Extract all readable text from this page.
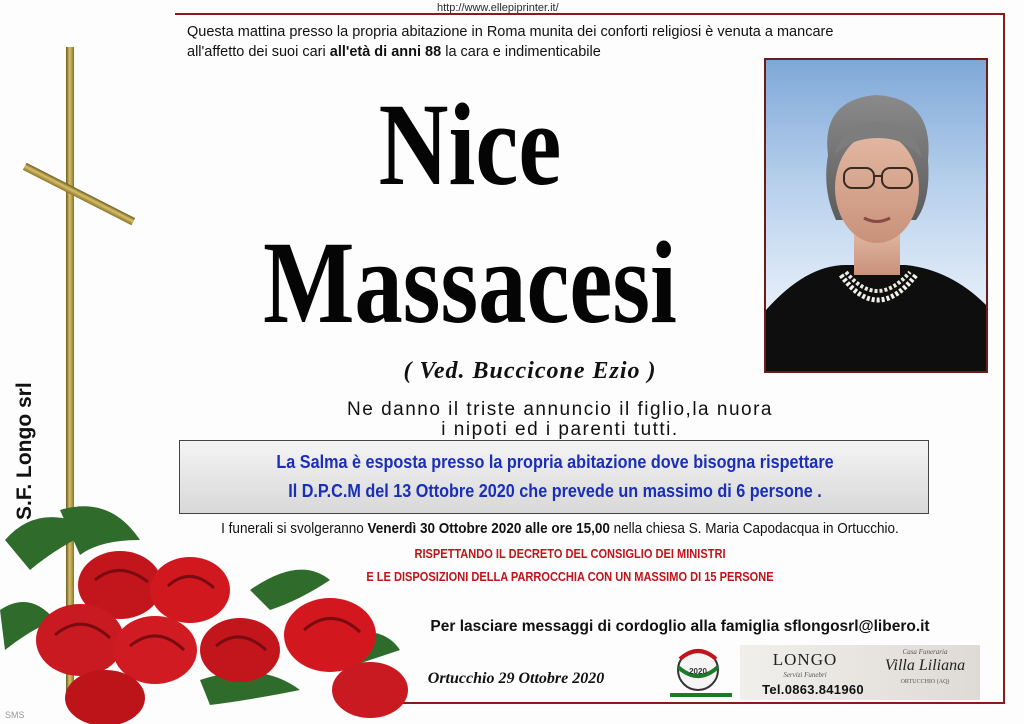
http://www.ellepiprinter.it/
Questa mattina presso la propria abitazione in Roma munita dei conforti religiosi è venuta a mancare
all'affetto dei suoi cari all'età di anni 88 la cara e indimenticabile
S.F. Longo srl
Nice
Massacesi
( Ved. Buccicone Ezio )
Ne danno il triste annuncio il figlio,la nuora
i nipoti ed i parenti tutti.
La Salma è esposta presso la propria abitazione dove bisogna rispettare
Il D.P.C.M del 13 Ottobre 2020 che prevede un massimo di 6 persone .
I funerali si svolgeranno Venerdì 30 Ottobre 2020 alle ore 15,00 nella chiesa S. Maria Capodacqua in Ortucchio.
RISPETTANDO IL DECRETO DEL CONSIGLIO DEI MINISTRI
E LE DISPOSIZIONI DELLA PARROCCHIA CON UN MASSIMO DI 15 PERSONE
Per lasciare messaggi di cordoglio alla famiglia sflongosrl@libero.it
Ortucchio 29 Ottobre 2020	2020
LONGO
Servizi Funebri
Tel.0863.841960
Casa Funeraria
Villa Liliana
ORTUCCHIO (AQ)
SMS
